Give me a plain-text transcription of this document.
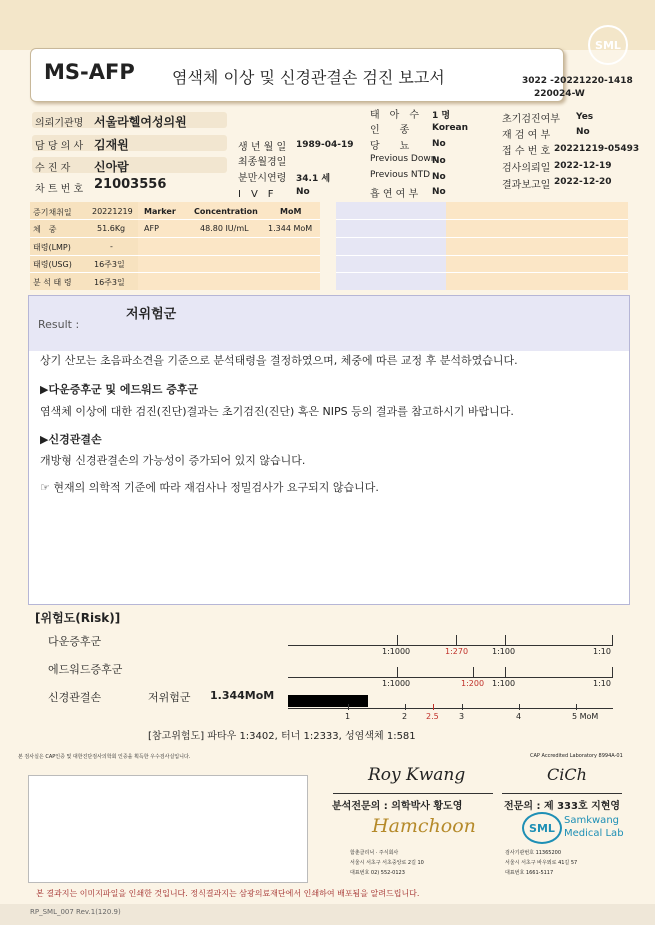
SML
MS-AFP 염색체 이상 및 신경관결손 검진 보고서	3022 -20221220-1418
220024-W
의뢰기관명 서울라헬여성의원
담 당 의 사 김재원
수 진 자 신아람
차 트 번 호 21003556
생 년 월 일 1989-04-19
최종월경일
분만시연령 34.1 세
I　V　F No
태　아　수 1 명
인　　종	Korean
당　　뇨	No
Previous Down
No
Previous NTD No
흡 연 여 부 No
초기검진여부 Yes
재 검 여 부	No
접 수 번 호 20221219-05493
검사의뢰일 2022-12-19
결과보고일 2022-12-20
증기채취일	20221219
체　중	51.6Kg
태령(LMP)	-
태령(USG)	16주3일
분 석 태 령	16주3일
Marker Concentration	MoM
AFP	48.80 IU/mL 1.344 MoM
Result :
저위험군
상기 산모는 초음파소견을 기준으로 분석태령을 결정하였으며, 체중에 따른 교정 후 분석하였습니다.
▶다운증후군 및 에드워드 증후군
염색체 이상에 대한 검진(진단)결과는 초기검진(진단) 혹은 NIPS 등의 결과를 참고하시기 바랍니다.
▶신경관결손
개방형 신경관결손의 가능성이 증가되어 있지 않습니다.
☞ 현재의 의학적 기준에 따라 재검사나 정밀검사가 요구되지 않습니다.
[위험도(Risk)]
다운증후군
에드워드증후군
신경관결손	저위험군 1.344MoM
1:1000	1:270	1:100	1:10
1:1000	1:200 1:100	1:10
1	2 2.5	3	4	5 MoM
[참고위험도] 파타우 1:3402, 터너 1:2333, 성염색체 1:581
본 검사실은 CAP인증 및 대한진단검사의학회 인증을 획득한 우수검사실입니다.	CAP Accredited Laboratory 8994A-01
Roy Kwang
분석전문의 : 의학박사 황도영
CiCh
전문의 : 제 333호 지현영
Hamchoon
함춘클리닉 · 주식회사
서울시 서초구 서초중앙로 2길 10
대표번호 02) 552-0123
SML
Samkwang
Medical Lab
검사기관번호 11365200
서울시 서초구 바우뫼로 41길 57
대표번호 1661-5117
본 결과지는 이미지파일을 인쇄한 것입니다. 정식결과지는 삼광의료재단에서 인쇄하여 배포됨을 알려드립니다.
RP_SML_007 Rev.1(120.9)
